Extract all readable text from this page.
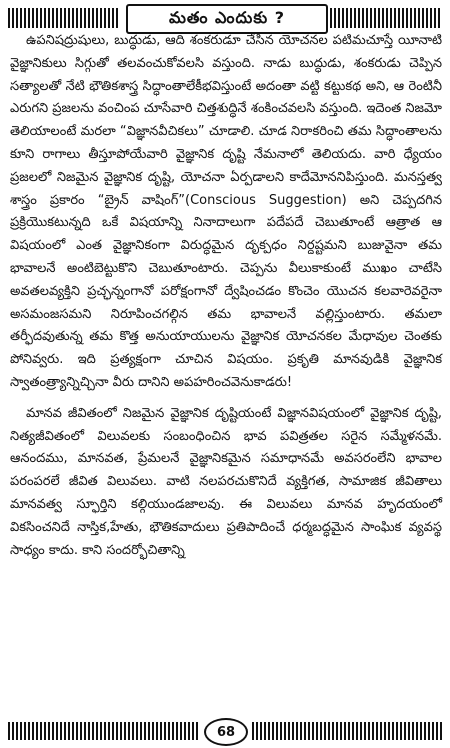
మతం ఎందుకు ?

ఉపనిషద్రుషులు, బుద్ధుడు, ఆది శంకరుడూ చేసిన యోచనల పటిమచూస్తే యీనాటి వైజ్ఞానికులు సిగ్గుతో తలవంచుకోవలసి వస్తుంది. నాడు బుద్ధుడు, శంకరుడు చెప్పిన సత్యాలతో నేటి భౌతికశాస్త్ర సిద్ధాంతాలేకీభవిస్తుంటే అదంతా వట్టి కట్టుకథ అని, ఆ రెంటినీ ఎరుగని ప్రజలను వంచింప చూసేవారి చిత్తశుద్ధినే శంకించవలసి వస్తుంది. ఇదెంత నిజమో తెలియాలంటే మరలా “విజ్ఞానవీచికలు” చూడాలి. చూడ నిరాకరించి తమ సిద్ధాంతాలను కూని రాగాలు తీస్తూపోయేవారి వైజ్ఞానిక దృష్టి నేమనాలో తెలియదు. వారి ధ్యేయం ప్రజలలో నిజమైన వైజ్ఞానిక దృష్టి, యోచనా ఏర్పడాలని కాదేమోననిపిస్తుంది. మనస్తత్వ శాస్త్రం ప్రకారం “బ్రైన్ వాషింగ్”(Conscious Suggestion) అని చెప్పదగిన ప్రక్రియొకటున్నది ఒకే విషయాన్ని నినాదాలుగా పదేపదే చెబుతూంటే ఆత్రాత ఆ విషయంలో ఎంత వైజ్ఞానికంగా విరుద్ధమైన దృక్పధం నిర్దష్టమని బుజువైనా తమ భావాలనే అంటిబెట్టుకొని చెబుతూంటారు. చెప్పను వీలుకాకుంటే ముఖం చాటేసి అవతలవ్యక్తిని ప్రచ్ఛన్నంగానో పరోక్షంగానో ద్వేషించడం కొంచెం యొచన కలవారెవరైనా అసమంజసమని నిరూపించగల్గిన తమ భావాలనే వల్లిస్తుంటారు. తమలా తర్ఫీదవుతున్న తమ కొత్త అనుయాయులను వైజ్ఞానిక యోచనకల మేధావుల చెంతకు పోనివ్వరు. ఇది ప్రత్యక్షంగా చూచిన విషయం. ప్రకృతి మానవుడికి వైజ్ఞానిక స్వాతంత్ర్యాన్నిచ్చినా వీరు దానిని అపహరించవెనుకాడరు!

మానవ జీవితంలో నిజమైన వైజ్ఞానిక దృష్టియంటే విజ్ఞానవిషయంలో వైజ్ఞానిక దృష్టి, నిత్యజీవితంలో విలువలకు సంబంధించిన భావ పవిత్రతల సరైన సమ్మేళనమే. ఆనందము, మానవత, ప్రేమలనే వైజ్ఞానికమైన సమాధానమే అవసరంలేని భావాల పరంపరలే జీవిత విలువలు. వాటి నలపరచుకొనిదే వ్యక్తిగత, సామాజిక జీవితాలు మానవత్వ స్ఫూర్తిని కల్గియుండజాలవు. ఈ విలువలు మానవ హృదయంలో వికసించనిదే నాస్తిక,హేతు, భౌతికవాదులు ప్రతిపాదించే ధర్మబద్ధమైన సాంఘిక వ్యవస్థ సాధ్యం కాదు. కాని సందర్భోచితాన్ని

68
